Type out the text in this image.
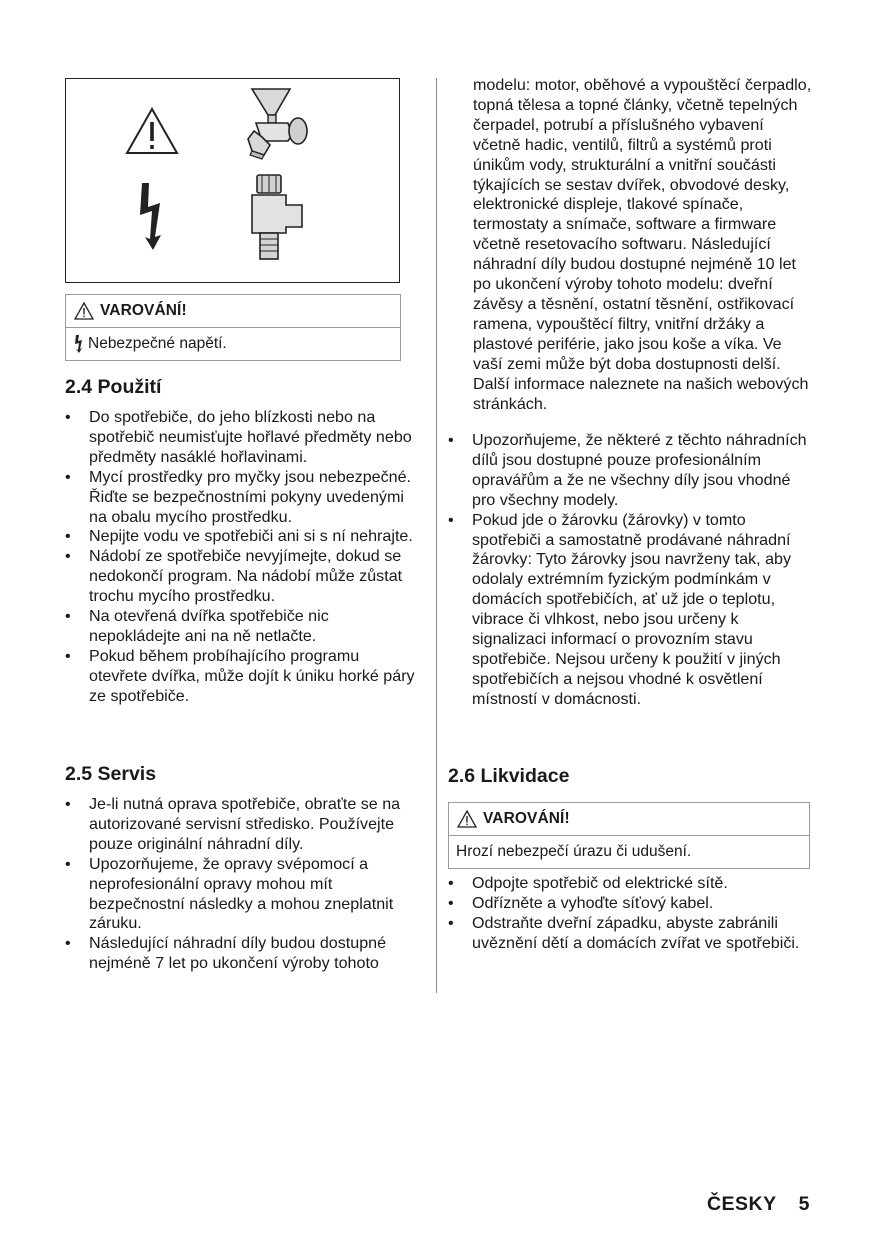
VAROVÁNÍ!
Nebezpečné napětí.
2.4 Použití
• Do spotřebiče, do jeho blízkosti nebo na spotřebič neumisťujte hořlavé předměty nebo předměty nasáklé hořlavinami.
• Mycí prostředky pro myčky jsou nebezpečné. Řiďte se bezpečnostními pokyny uvedenými na obalu mycího prostředku.
• Nepijte vodu ve spotřebiči ani si s ní nehrajte.
• Nádobí ze spotřebiče nevyjímejte, dokud se nedokončí program. Na nádobí může zůstat trochu mycího prostředku.
• Na otevřená dvířka spotřebiče nic nepokládejte ani na ně netlačte.
• Pokud během probíhajícího programu otevřete dvířka, může dojít k úniku horké páry ze spotřebiče.
2.5 Servis
• Je-li nutná oprava spotřebiče, obraťte se na autorizované servisní středisko. Používejte pouze originální náhradní díly.
• Upozorňujeme, že opravy svépomocí a neprofesionální opravy mohou mít bezpečnostní následky a mohou zneplatnit záruku.
• Následující náhradní díly budou dostupné nejméně 7 let po ukončení výroby tohoto

modelu: motor, oběhové a vypouštěcí čerpadlo, topná tělesa a topné články, včetně tepelných čerpadel, potrubí a příslušného vybavení včetně hadic, ventilů, filtrů a systémů proti únikům vody, strukturální a vnitřní součásti týkajících se sestav dvířek, obvodové desky, elektronické displeje, tlakové spínače, termostaty a snímače, software a firmware včetně resetovacího softwaru. Následující náhradní díly budou dostupné nejméně 10 let po ukončení výroby tohoto modelu: dveřní závěsy a těsnění, ostatní těsnění, ostřikovací ramena, vypouštěcí filtry, vnitřní držáky a plastové periférie, jako jsou koše a víka. Ve vaší zemi může být doba dostupnosti delší. Další informace naleznete na našich webových stránkách.

• Upozorňujeme, že některé z těchto náhradních dílů jsou dostupné pouze profesionálním opravářům a že ne všechny díly jsou vhodné pro všechny modely.
• Pokud jde o žárovku (žárovky) v tomto spotřebiči a samostatně prodávané náhradní žárovky: Tyto žárovky jsou navrženy tak, aby odolaly extrémním fyzickým podmínkám v domácích spotřebičích, ať už jde o teplotu, vibrace či vlhkost, nebo jsou určeny k signalizaci informací o provozním stavu spotřebiče. Nejsou určeny k použití v jiných spotřebičích a nejsou vhodné k osvětlení místností v domácnosti.
2.6 Likvidace
VAROVÁNÍ!
Hrozí nebezpečí úrazu či udušení.
• Odpojte spotřebič od elektrické sítě.
• Odřízněte a vyhoďte síťový kabel.
• Odstraňte dveřní západku, abyste zabránili uvěznění dětí a domácích zvířat ve spotřebiči.
ČESKY 5
